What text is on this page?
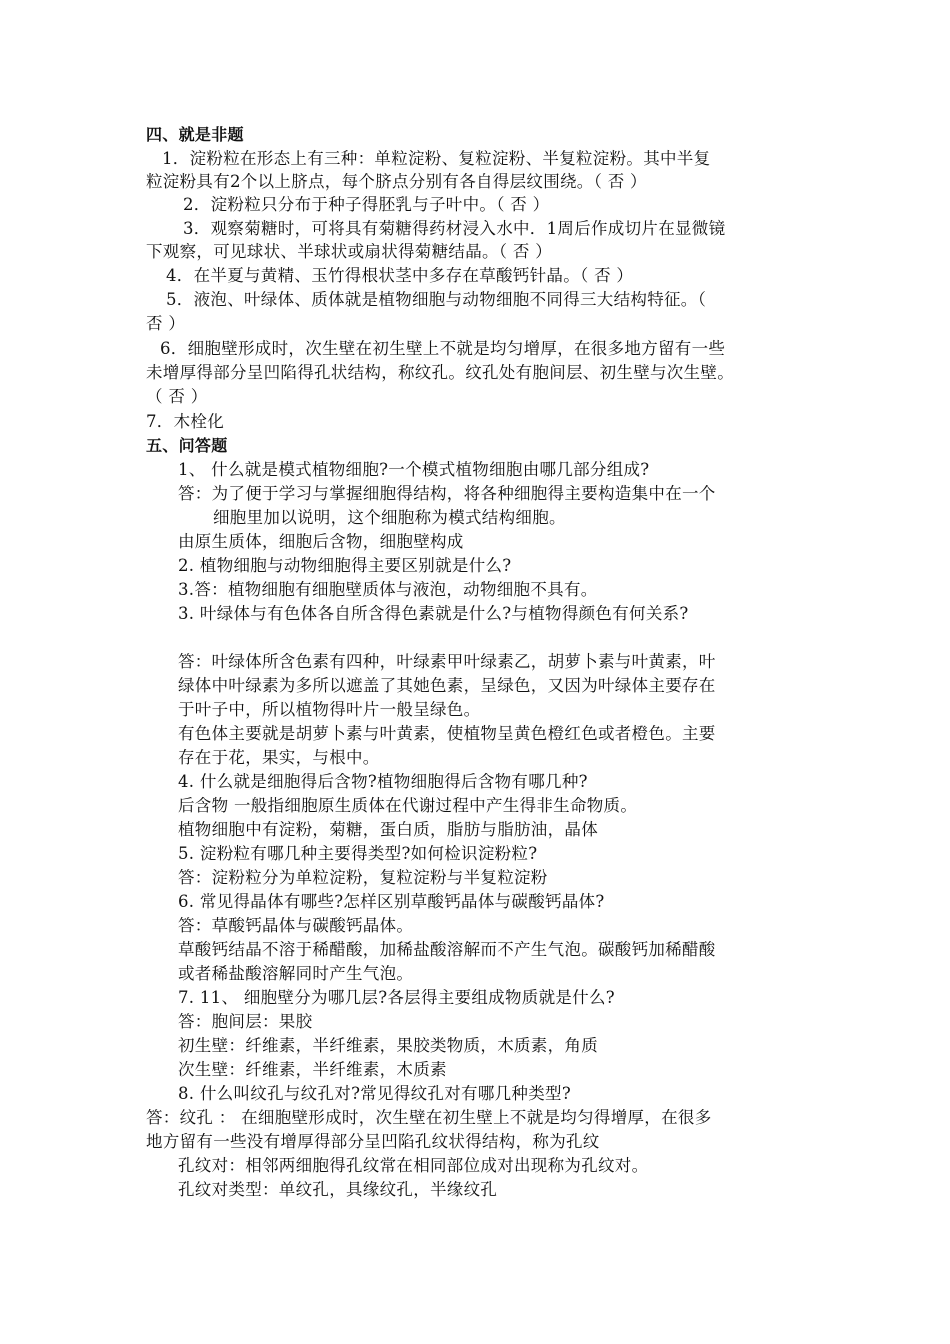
四、就是非题
1．淀粉粒在形态上有三种：单粒淀粉、复粒淀粉、半复粒淀粉。其中半复
粒淀粉具有2个以上脐点，每个脐点分别有各自得层纹围绕。（ 否 ）
2．淀粉粒只分布于种子得胚乳与子叶中。（ 否 ）
3．观察菊糖时，可将具有菊糖得药材浸入水中．1周后作成切片在显微镜
下观察，可见球状、半球状或扇状得菊糖结晶。（ 否 ）
4．在半夏与黄精、玉竹得根状茎中多存在草酸钙针晶。（ 否 ）
5．液泡、叶绿体、质体就是植物细胞与动物细胞不同得三大结构特征。（
否 ）
6．细胞壁形成时，次生壁在初生壁上不就是均匀增厚，在很多地方留有一些
未增厚得部分呈凹陷得孔状结构，称纹孔。纹孔处有胞间层、初生壁与次生壁。
（ 否 ）
7．木栓化
五、问答题
1、 什么就是模式植物细胞?一个模式植物细胞由哪几部分组成?
答：为了便于学习与掌握细胞得结构，将各种细胞得主要构造集中在一个
细胞里加以说明，这个细胞称为模式结构细胞。
由原生质体，细胞后含物，细胞壁构成
2. 植物细胞与动物细胞得主要区别就是什么?
3.答：植物细胞有细胞壁质体与液泡，动物细胞不具有。
3. 叶绿体与有色体各自所含得色素就是什么?与植物得颜色有何关系?
答：叶绿体所含色素有四种，叶绿素甲叶绿素乙，胡萝卜素与叶黄素，叶
绿体中叶绿素为多所以遮盖了其她色素，呈绿色，又因为叶绿体主要存在
于叶子中，所以植物得叶片一般呈绿色。
有色体主要就是胡萝卜素与叶黄素，使植物呈黄色橙红色或者橙色。主要
存在于花，果实，与根中。
4. 什么就是细胞得后含物?植物细胞得后含物有哪几种?
后含物 一般指细胞原生质体在代谢过程中产生得非生命物质。
植物细胞中有淀粉，菊糖，蛋白质，脂肪与脂肪油，晶体
5. 淀粉粒有哪几种主要得类型?如何检识淀粉粒?
答：淀粉粒分为单粒淀粉，复粒淀粉与半复粒淀粉
6. 常见得晶体有哪些?怎样区别草酸钙晶体与碳酸钙晶体?
答：草酸钙晶体与碳酸钙晶体。
草酸钙结晶不溶于稀醋酸，加稀盐酸溶解而不产生气泡。碳酸钙加稀醋酸
或者稀盐酸溶解同时产生气泡。
7. 11、 细胞壁分为哪几层?各层得主要组成物质就是什么?
答：胞间层：果胶
初生壁：纤维素，半纤维素，果胶类物质，木质素，角质
次生壁：纤维素，半纤维素，木质素
8. 什么叫纹孔与纹孔对?常见得纹孔对有哪几种类型?
答：纹孔 ： 在细胞壁形成时，次生壁在初生壁上不就是均匀得增厚，在很多
地方留有一些没有增厚得部分呈凹陷孔纹状得结构，称为孔纹
孔纹对：相邻两细胞得孔纹常在相同部位成对出现称为孔纹对。
孔纹对类型：单纹孔，具缘纹孔，半缘纹孔
